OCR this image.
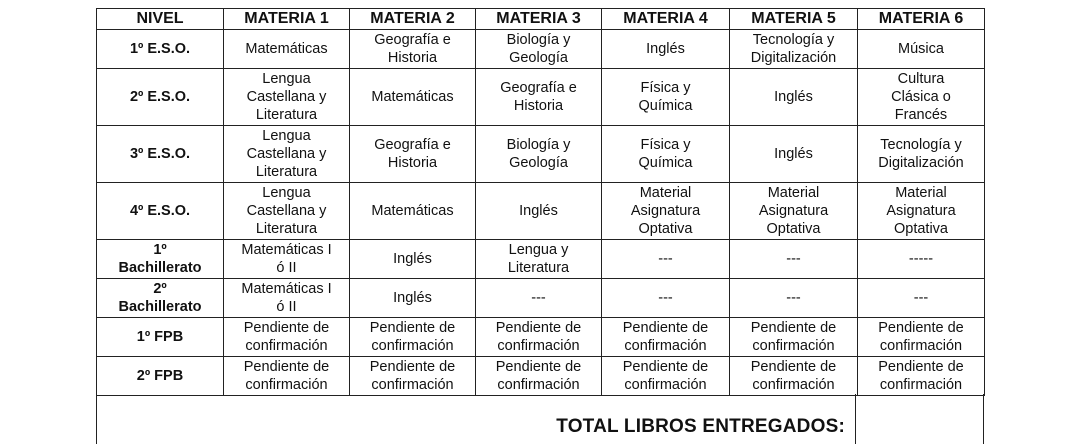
NIVEL	MATERIA 1	MATERIA 2	MATERIA 3	MATERIA 4	MATERIA 5	MATERIA 6

1º E.S.O.	Matemáticas	Geografía e
Historia	Biología y
Geología	Inglés	Tecnología y
Digitalización	Música

2º E.S.O.	Lengua
Castellana y
Literatura	Matemáticas	Geografía e
Historia	Física y
Química	Inglés	Cultura
Clásica o
Francés

3º E.S.O.	Lengua
Castellana y
Literatura	Geografía e
Historia	Biología y
Geología	Física y
Química	Inglés	Tecnología y
Digitalización

4º E.S.O.	Lengua
Castellana y
Literatura	Matemáticas	Inglés	Material
Asignatura
Optativa	Material
Asignatura
Optativa	Material
Asignatura
Optativa

1º
Bachillerato	Matemáticas I
ó II	Inglés	Lengua y
Literatura	---	---	-----

2º
Bachillerato	Matemáticas I
ó II	Inglés	---	---	---	---

1º FPB	Pendiente de
confirmación	Pendiente de
confirmación	Pendiente de
confirmación	Pendiente de
confirmación	Pendiente de
confirmación	Pendiente de
confirmación

2º FPB	Pendiente de
confirmación	Pendiente de
confirmación	Pendiente de
confirmación	Pendiente de
confirmación	Pendiente de
confirmación	Pendiente de
confirmación
TOTAL LIBROS ENTREGADOS:
